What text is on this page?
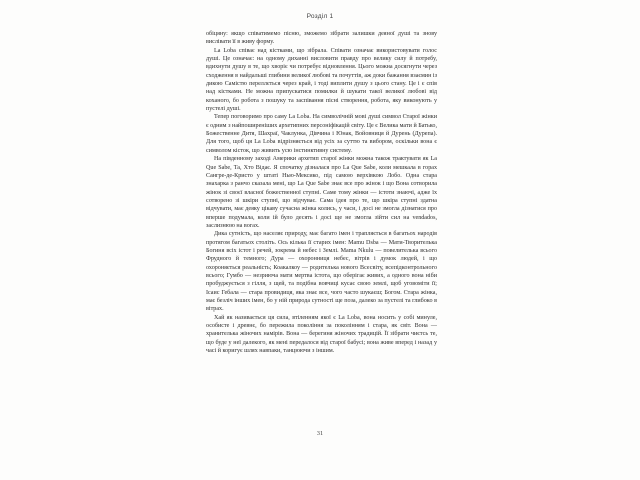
Розділ 1

обіцяну: якщо співатимемо пісню, зможемо зібрати залишки деяної душі та знову вислівати її в живу форму.

La Loba співає над кістками, що зібрала. Співати означає використовувати голос душі. Це означає: на одному диханні висловити правду про велику силу й потребу, вдихнути душу в те, що хворіє чи потребує відновлення. Цього можна досягнути через сходження в найдальші глибини великої любові та почуттів, аж доки бажання взаємин із дикою Самістю переллється через край, і тоді виплити душу з цього стану. Це і є спів над кістками. Не можна припускатися помилки й шукати такої великої любові від коханого, бо робота з пошуку та заспівання пісні створення, робота, яку виконують у пустелі душі.

Тепер поговоримо про саму La Loba. На символічній мові душі символ Старої жінки є одним з найпоширеніших архетипних персоніфікацій світу. Це є Велика мати й Батько, Божественне Дитя, Шахраї, Чаклунка, Дівчина і Юнак, Войовниця й Дурень (Дурепа). Для того, щоб ця La Loba відрізняється від усіх за суттю та вибором, оскільки вона є символом кісток, що живить усю інстинктивну систему.

На південному заході Америки архетип старої жінки можна також трактувати як La Que Sabe, Та, Хто Відає. Я спочатку дізналася про La Que Sabe, коли мешкала в горах Сангре-де-Кристо у штаті Нью-Мексико, під самою верхівкою Лобо. Одна стара знахарка з ранчо сказала мені, що La Que Sabe знає все про жінок і що Вона сотворила жінок зі своєї власної божественної ступні. Саме тому жінки — істоти знаючі, адже їх сотворено зі шкіри ступні, що відчуває. Сама ідея про те, що шкіра ступні здатна відчувати, має деяку цікаву сучасна жінка колись, у часи, і досі не змогла дізнатися про вперше подумала, коли ій було десять і досі ще не змогла зійти сил на vendados, заслизнюю на вогах.

Дика сутність, що населяє природу, має багато імен і трапляється в багатьох народів протягом багатьох століть. Ось кілька її старих імен: Mamu Dsba — Мати-Творителька Богиня всіх істот і речей, зокрема й небес і Землі. Mama Nkulu — повелителька всього Фрудного й темного; Дура — охоронниця небес, вітрів і думок людей, і що охороняється реальність; Коакалкоу — родителька нового Всесвіту, всепідконтрольного всього; Гумбо — незриюча мати мертва істота, що оберігає живих, а одного вона ніби пробуджується з гілля, з щей, та подібна вовчиці кусає свою землі, щоб уговоміти її; Ісаис Гебала — стара провидиця, яка знає все, чого часто шукаєш; Богом. Стара жінка, має безліч інших імен, бо у ній природа сутності ще поза, далеко за пустелі та глибоко в вітрах.

Хай як називається ця сила, втіленням якої є La Loba, вона носить у собі минуле, особисте і древнє, бо пережила покоління за поколінням і стара, як світ. Вона — хранителька жіночих намірів. Вона — берегиня жіночих традицій. Її зібрати чиєтсь те, що буде у неї далекого, як мені передалося від старої бабусі; вона живе вперед і назад у часі й коригує шлях навпаки, танцюючи з іншим.

31
